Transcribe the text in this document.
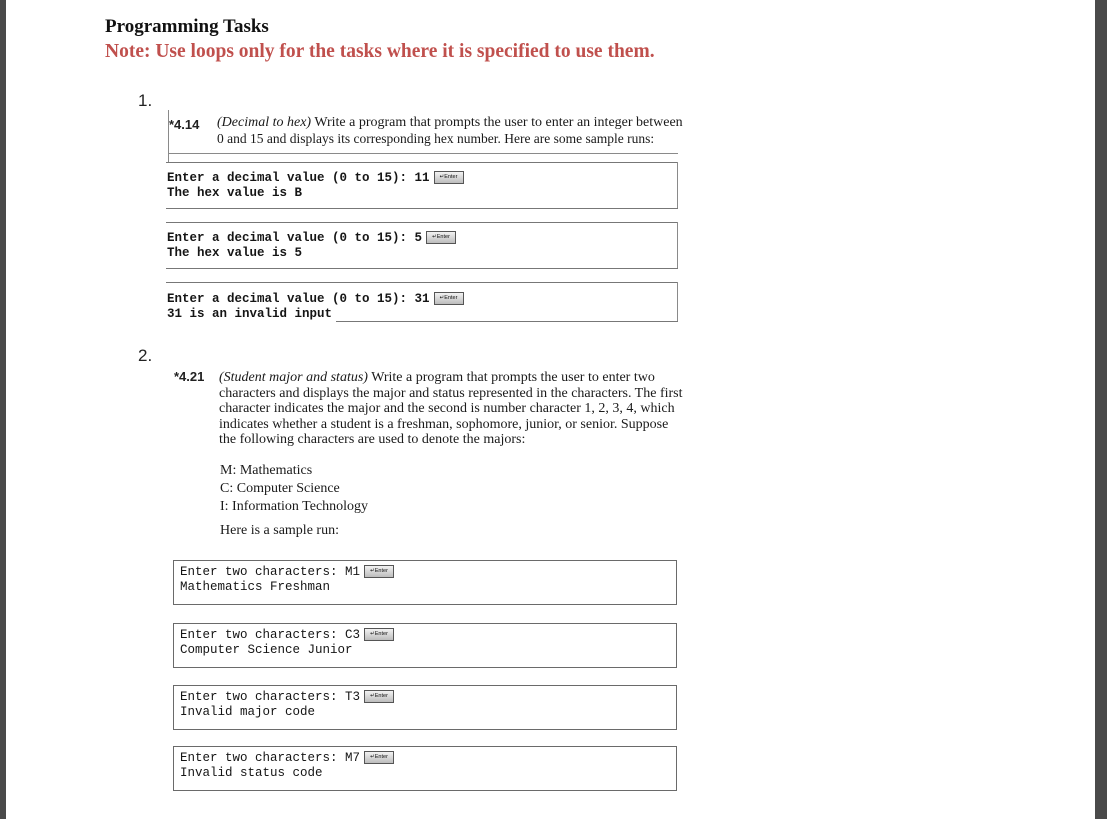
Programming Tasks
Note: Use loops only for the tasks where it is specified to use them.
1.
*4.14 (Decimal to hex) Write a program that prompts the user to enter an integer between
0 and 15 and displays its corresponding hex number. Here are some sample runs:
Enter a decimal value (0 to 15): 11 ↵Enter
The hex value is B
Enter a decimal value (0 to 15): 5 ↵Enter
The hex value is 5
Enter a decimal value (0 to 15): 31 ↵Enter
31 is an invalid input
2.
*4.21 (Student major and status) Write a program that prompts the user to enter two
characters and displays the major and status represented in the characters. The first
character indicates the major and the second is number character 1, 2, 3, 4, which
indicates whether a student is a freshman, sophomore, junior, or senior. Suppose
the following characters are used to denote the majors:
M: Mathematics
C: Computer Science
I: Information Technology
Here is a sample run:
Enter two characters: M1 ↵Enter
Mathematics Freshman
Enter two characters: C3 ↵Enter
Computer Science Junior
Enter two characters: T3 ↵Enter
Invalid major code
Enter two characters: M7 ↵Enter
Invalid status code
